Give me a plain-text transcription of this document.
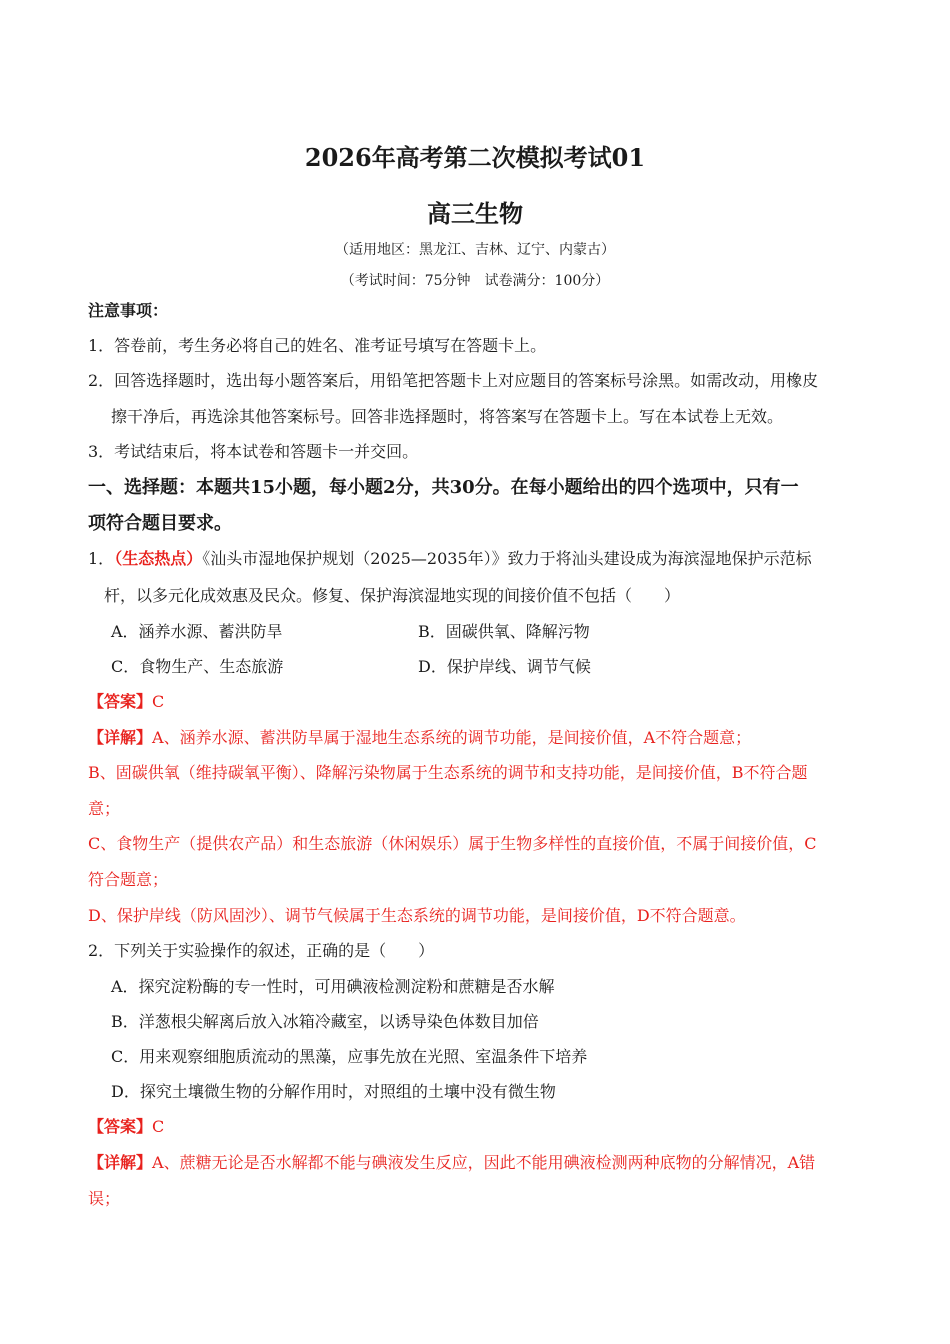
2026年高考第二次模拟考试01
高三生物
（适用地区：黑龙江、吉林、辽宁、内蒙古）
（考试时间：75分钟　试卷满分：100分）
注意事项：
1．答卷前，考生务必将自己的姓名、准考证号填写在答题卡上。
2．回答选择题时，选出每小题答案后，用铅笔把答题卡上对应题目的答案标号涂黑。如需改动，用橡皮
擦干净后，再选涂其他答案标号。回答非选择题时，将答案写在答题卡上。写在本试卷上无效。
3．考试结束后，将本试卷和答题卡一并交回。
一、选择题：本题共15小题，每小题2分，共30分。在每小题给出的四个选项中，只有一
项符合题目要求。
1．（生态热点）《汕头市湿地保护规划（2025—2035年）》致力于将汕头建设成为海滨湿地保护示范标
杆，以多元化成效惠及民众。修复、保护海滨湿地实现的间接价值不包括（　　）
A．涵养水源、蓄洪防旱	B．固碳供氧、降解污物
C．食物生产、生态旅游	D．保护岸线、调节气候
【答案】C
【详解】A、涵养水源、蓄洪防旱属于湿地生态系统的调节功能，是间接价值，A不符合题意；
B、固碳供氧（维持碳氧平衡）、降解污染物属于生态系统的调节和支持功能，是间接价值，B不符合题
意；
C、食物生产（提供农产品）和生态旅游（休闲娱乐）属于生物多样性的直接价值，不属于间接价值，C
符合题意；
D、保护岸线（防风固沙）、调节气候属于生态系统的调节功能，是间接价值，D不符合题意。
2．下列关于实验操作的叙述，正确的是（　　）
A．探究淀粉酶的专一性时，可用碘液检测淀粉和蔗糖是否水解
B．洋葱根尖解离后放入冰箱冷藏室，以诱导染色体数目加倍
C．用来观察细胞质流动的黑藻，应事先放在光照、室温条件下培养
D．探究土壤微生物的分解作用时，对照组的土壤中没有微生物
【答案】C
【详解】A、蔗糖无论是否水解都不能与碘液发生反应，因此不能用碘液检测两种底物的分解情况，A错
误；
